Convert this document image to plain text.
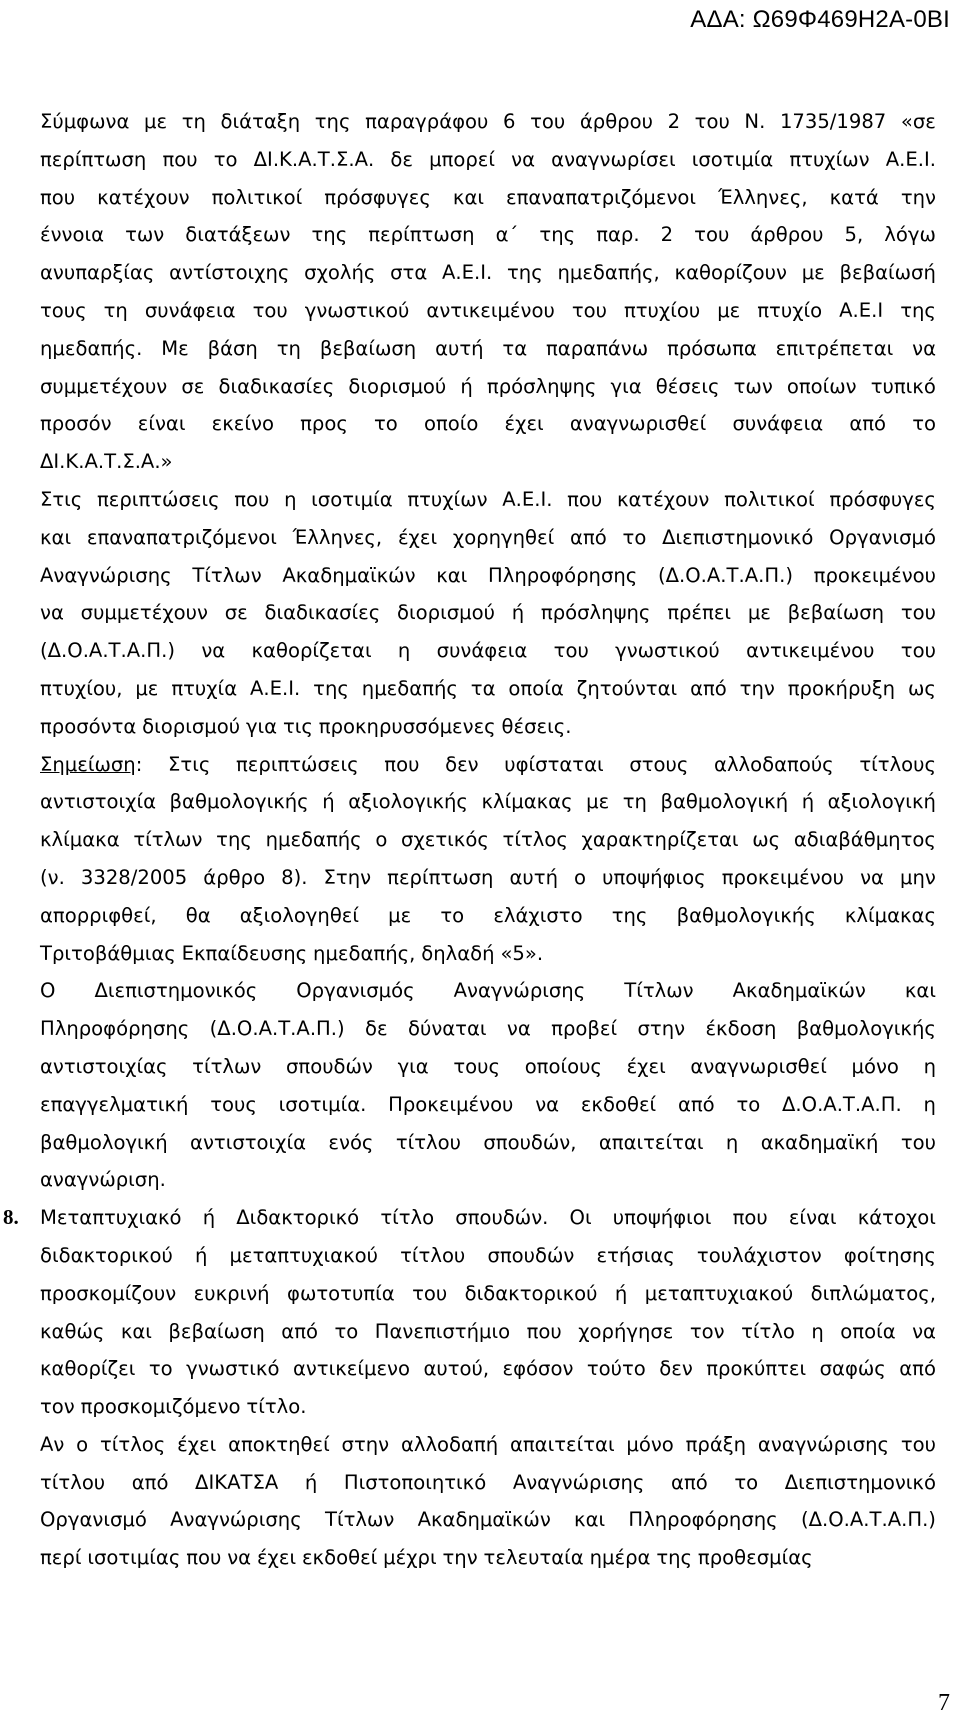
ΑΔΑ: Ω69Φ469Η2Α-0ΒΙ
Σύμφωνα με τη διάταξη της παραγράφου 6 του άρθρου 2 του Ν. 1735/1987 «σε
περίπτωση που το ΔΙ.Κ.Α.Τ.Σ.Α. δε μπορεί να αναγνωρίσει ισοτιμία πτυχίων Α.Ε.Ι.
που κατέχουν πολιτικοί πρόσφυγες και επαναπατριζόμενοι Έλληνες, κατά την
έννοια των διατάξεων της περίπτωση α΄ της παρ. 2 του άρθρου 5, λόγω
ανυπαρξίας αντίστοιχης σχολής στα Α.Ε.Ι. της ημεδαπής, καθορίζουν με βεβαίωσή
τους τη συνάφεια του γνωστικού αντικειμένου του πτυχίου με πτυχίο Α.Ε.Ι της
ημεδαπής. Με βάση τη βεβαίωση αυτή τα παραπάνω πρόσωπα επιτρέπεται να
συμμετέχουν σε διαδικασίες διορισμού ή πρόσληψης για θέσεις των οποίων τυπικό
προσόν είναι εκείνο προς το οποίο έχει αναγνωρισθεί συνάφεια από το
ΔΙ.Κ.Α.Τ.Σ.Α.»
Στις περιπτώσεις που η ισοτιμία πτυχίων Α.Ε.Ι. που κατέχουν πολιτικοί πρόσφυγες
και επαναπατριζόμενοι Έλληνες, έχει χορηγηθεί από το Διεπιστημονικό Οργανισμό
Αναγνώρισης Τίτλων Ακαδημαϊκών και Πληροφόρησης (Δ.Ο.Α.Τ.Α.Π.) προκειμένου
να συμμετέχουν σε διαδικασίες διορισμού ή πρόσληψης πρέπει με βεβαίωση του
(Δ.Ο.Α.Τ.Α.Π.) να καθορίζεται η συνάφεια του γνωστικού αντικειμένου του
πτυχίου, με πτυχία Α.Ε.Ι. της ημεδαπής τα οποία ζητούνται από την προκήρυξη ως
προσόντα διορισμού για τις προκηρυσσόμενες θέσεις.
Σημείωση: Στις περιπτώσεις που δεν υφίσταται στους αλλοδαπούς τίτλους
αντιστοιχία βαθμολογικής ή αξιολογικής κλίμακας με τη βαθμολογική ή αξιολογική
κλίμακα τίτλων της ημεδαπής ο σχετικός τίτλος χαρακτηρίζεται ως αδιαβάθμητος
(ν. 3328/2005 άρθρο 8). Στην περίπτωση αυτή ο υποψήφιος προκειμένου να μην
απορριφθεί, θα αξιολογηθεί με το ελάχιστο της βαθμολογικής κλίμακας
Τριτοβάθμιας Εκπαίδευσης ημεδαπής, δηλαδή «5».
Ο Διεπιστημονικός Οργανισμός Αναγνώρισης Τίτλων Ακαδημαϊκών και
Πληροφόρησης (Δ.Ο.Α.Τ.Α.Π.) δε δύναται να προβεί στην έκδοση βαθμολογικής
αντιστοιχίας τίτλων σπουδών για τους οποίους έχει αναγνωρισθεί μόνο η
επαγγελματική τους ισοτιμία. Προκειμένου να εκδοθεί από το Δ.Ο.Α.Τ.Α.Π. η
βαθμολογική αντιστοιχία ενός τίτλου σπουδών, απαιτείται η ακαδημαϊκή του
αναγνώριση.
8. Μεταπτυχιακό ή Διδακτορικό τίτλο σπουδών. Οι υποψήφιοι που είναι κάτοχοι
διδακτορικού ή μεταπτυχιακού τίτλου σπουδών ετήσιας τουλάχιστον φοίτησης
προσκομίζουν ευκρινή φωτοτυπία του διδακτορικού ή μεταπτυχιακού διπλώματος,
καθώς και βεβαίωση από το Πανεπιστήμιο που χορήγησε τον τίτλο η οποία να
καθορίζει το γνωστικό αντικείμενο αυτού, εφόσον τούτο δεν προκύπτει σαφώς από
τον προσκομιζόμενο τίτλο.
Αν ο τίτλος έχει αποκτηθεί στην αλλοδαπή απαιτείται μόνο πράξη αναγνώρισης του
τίτλου από ΔΙΚΑΤΣΑ ή Πιστοποιητικό Αναγνώρισης από το Διεπιστημονικό
Οργανισμό Αναγνώρισης Τίτλων Ακαδημαϊκών και Πληροφόρησης (Δ.Ο.Α.Τ.Α.Π.)
περί ισοτιμίας που να έχει εκδοθεί μέχρι την τελευταία ημέρα της προθεσμίας
7
